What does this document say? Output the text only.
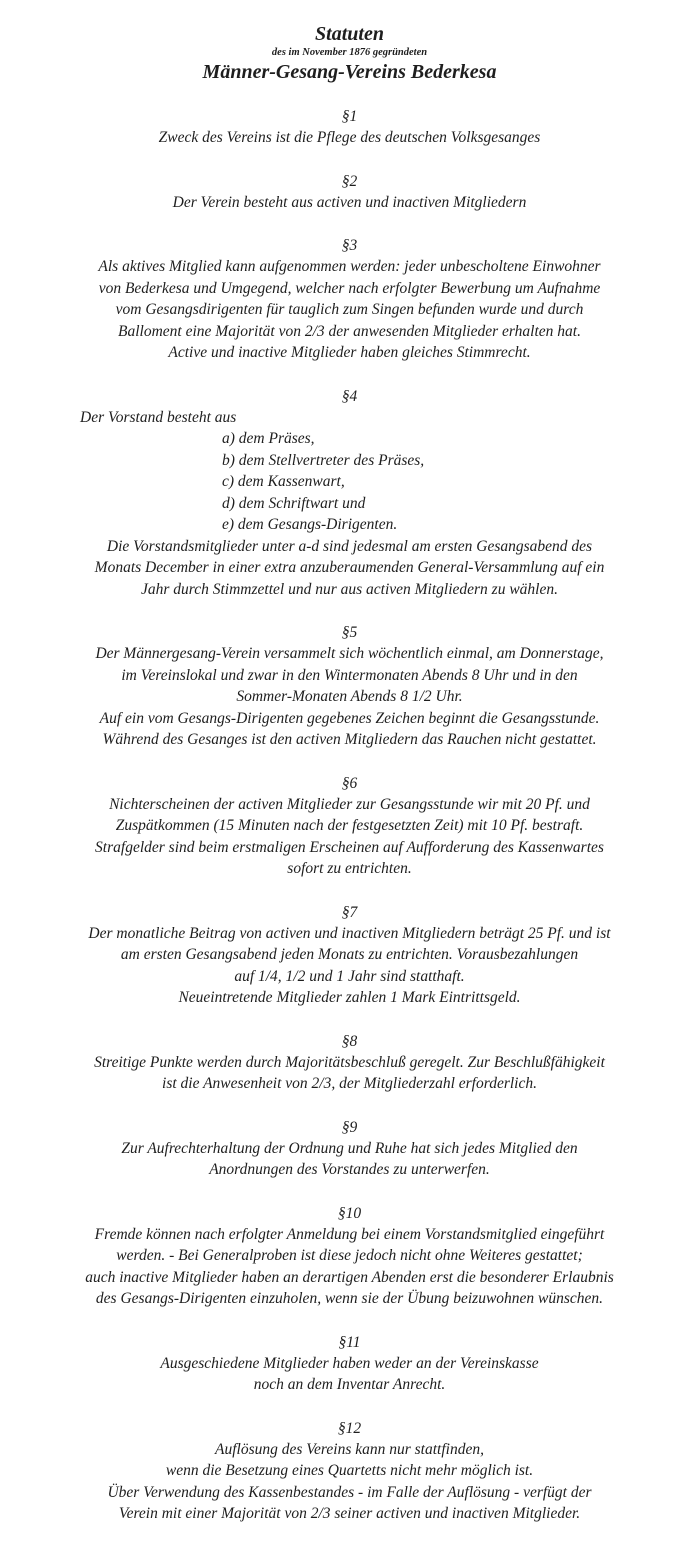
Statuten

des im November 1876 gegründeten

Männer-Gesang-Vereins Bederkesa

§1

Zweck des Vereins ist die Pflege des deutschen Volksgesanges

§2

Der Verein besteht aus activen und inactiven Mitgliedern

§3

Als aktives Mitglied kann aufgenommen werden: jeder unbescholtene Einwohner

von Bederkesa und Umgegend, welcher nach erfolgter Bewerbung um Aufnahme

vom Gesangsdirigenten für tauglich zum Singen befunden wurde und durch

Balloment eine Majorität von 2/3 der anwesenden Mitglieder erhalten hat.

Active und inactive Mitglieder haben gleiches Stimmrecht.

§4

Der Vorstand besteht aus

a) dem Präses,

b) dem Stellvertreter des Präses,

c) dem Kassenwart,

d) dem Schriftwart und

e) dem Gesangs-Dirigenten.

Die Vorstandsmitglieder unter a-d sind jedesmal am ersten Gesangsabend des

Monats December in einer extra anzuberaumenden General-Versammlung auf ein

Jahr durch Stimmzettel und nur aus activen Mitgliedern zu wählen.

§5

Der Männergesang-Verein versammelt sich wöchentlich einmal, am Donnerstage,

im Vereinslokal und zwar in den Wintermonaten Abends 8 Uhr und in den

Sommer-Monaten Abends 8 1/2 Uhr.

Auf ein vom Gesangs-Dirigenten gegebenes Zeichen beginnt die Gesangsstunde.

Während des Gesanges ist den activen Mitgliedern das Rauchen nicht gestattet.

§6

Nichterscheinen der activen Mitglieder zur Gesangsstunde wir mit 20 Pf. und

Zuspätkommen (15 Minuten nach der festgesetzten Zeit) mit 10 Pf. bestraft.

Strafgelder sind beim erstmaligen Erscheinen auf Aufforderung des Kassenwartes

sofort zu entrichten.

§7

Der monatliche Beitrag von activen und inactiven Mitgliedern beträgt 25 Pf. und ist

am ersten Gesangsabend jeden Monats zu entrichten. Vorausbezahlungen

auf 1/4, 1/2 und 1 Jahr sind statthaft.

Neueintretende Mitglieder zahlen 1 Mark Eintrittsgeld.

§8

Streitige Punkte werden durch Majoritätsbeschluß geregelt. Zur Beschlußfähigkeit

ist die Anwesenheit von 2/3, der Mitgliederzahl erforderlich.

§9

Zur Aufrechterhaltung der Ordnung und Ruhe hat sich jedes Mitglied den

Anordnungen des Vorstandes zu unterwerfen.

§10

Fremde können nach erfolgter Anmeldung bei einem Vorstandsmitglied eingeführt

werden. - Bei Generalproben ist diese jedoch nicht ohne Weiteres gestattet;

auch inactive Mitglieder haben an derartigen Abenden erst die besonderer Erlaubnis

des Gesangs-Dirigenten einzuholen, wenn sie der Übung beizuwohnen wünschen.

§11

Ausgeschiedene Mitglieder haben weder an der Vereinskasse

noch an dem Inventar Anrecht.

§12

Auflösung des Vereins kann nur stattfinden,

wenn die Besetzung eines Quartetts nicht mehr möglich ist.

Über Verwendung des Kassenbestandes - im Falle der Auflösung - verfügt der

Verein mit einer Majorität von 2/3 seiner activen und inactiven Mitglieder.
